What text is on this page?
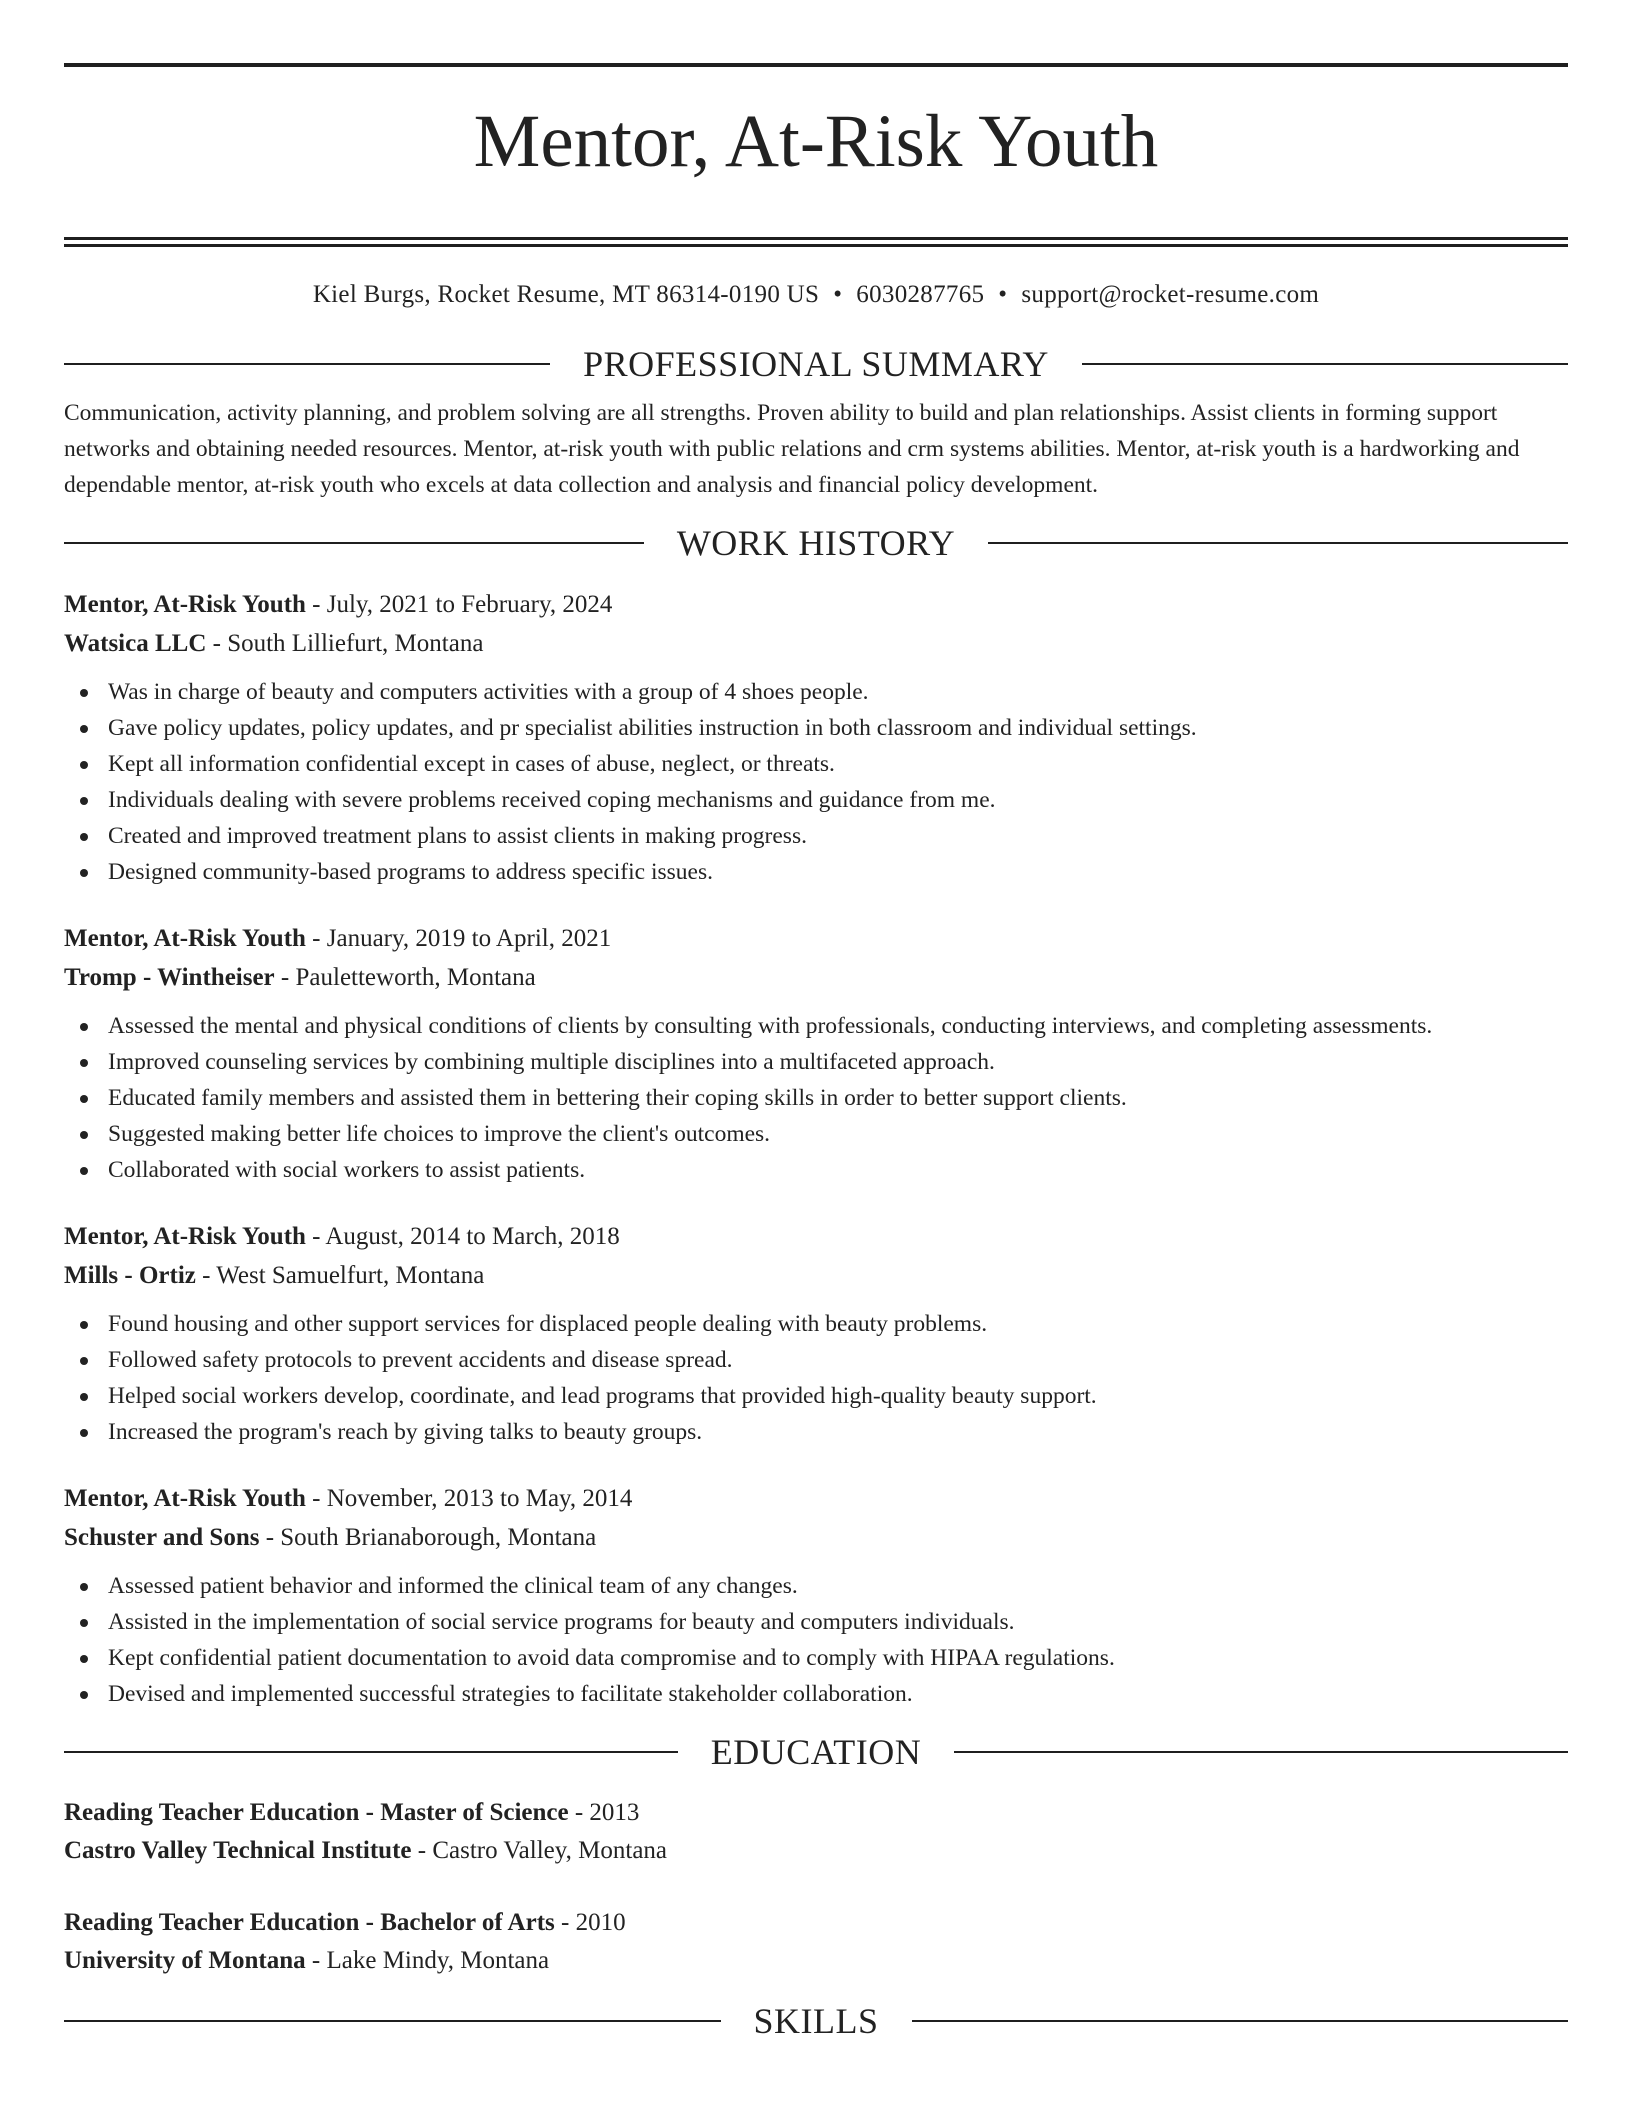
Mentor, At-Risk Youth
Kiel Burgs, Rocket Resume, MT 86314-0190 US • 6030287765 • support@rocket-resume.com
PROFESSIONAL SUMMARY

Communication, activity planning, and problem solving are all strengths. Proven ability to build and plan relationships. Assist clients in forming support networks and obtaining needed resources. Mentor, at-risk youth with public relations and crm systems abilities. Mentor, at-risk youth is a hardworking and dependable mentor, at-risk youth who excels at data collection and analysis and financial policy development.

WORK HISTORY
Mentor, At-Risk Youth - July, 2021 to February, 2024
Watsica LLC - South Lilliefurt, Montana
Was in charge of beauty and computers activities with a group of 4 shoes people.
Gave policy updates, policy updates, and pr specialist abilities instruction in both classroom and individual settings.
Kept all information confidential except in cases of abuse, neglect, or threats.
Individuals dealing with severe problems received coping mechanisms and guidance from me.
Created and improved treatment plans to assist clients in making progress.
Designed community-based programs to address specific issues.
Mentor, At-Risk Youth - January, 2019 to April, 2021
Tromp - Wintheiser - Pauletteworth, Montana
Assessed the mental and physical conditions of clients by consulting with professionals, conducting interviews, and completing assessments.
Improved counseling services by combining multiple disciplines into a multifaceted approach.
Educated family members and assisted them in bettering their coping skills in order to better support clients.
Suggested making better life choices to improve the client's outcomes.
Collaborated with social workers to assist patients.
Mentor, At-Risk Youth - August, 2014 to March, 2018
Mills - Ortiz - West Samuelfurt, Montana
Found housing and other support services for displaced people dealing with beauty problems.
Followed safety protocols to prevent accidents and disease spread.
Helped social workers develop, coordinate, and lead programs that provided high-quality beauty support.
Increased the program's reach by giving talks to beauty groups.
Mentor, At-Risk Youth - November, 2013 to May, 2014
Schuster and Sons - South Brianaborough, Montana
Assessed patient behavior and informed the clinical team of any changes.
Assisted in the implementation of social service programs for beauty and computers individuals.
Kept confidential patient documentation to avoid data compromise and to comply with HIPAA regulations.
Devised and implemented successful strategies to facilitate stakeholder collaboration.
EDUCATION
Reading Teacher Education - Master of Science - 2013
Castro Valley Technical Institute - Castro Valley, Montana
Reading Teacher Education - Bachelor of Arts - 2010
University of Montana - Lake Mindy, Montana
SKILLS
